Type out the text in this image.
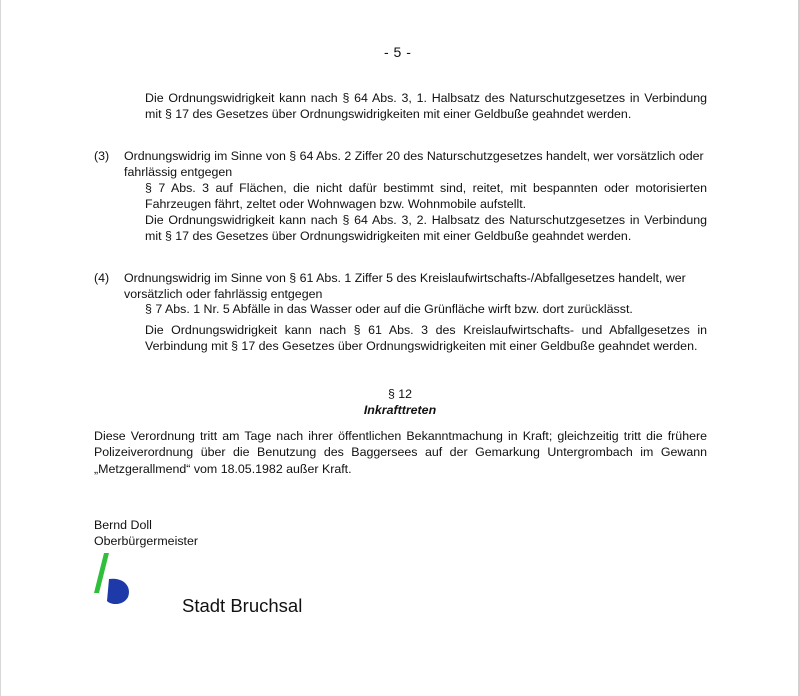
- 5 -

Die Ordnungswidrigkeit kann nach § 64 Abs. 3, 1. Halbsatz des Naturschutzgesetzes in Verbindung mit § 17 des Gesetzes über Ordnungswidrigkeiten mit einer Geldbuße geahndet werden.

(3) Ordnungswidrig im Sinne von § 64 Abs. 2 Ziffer 20 des Naturschutzgesetzes handelt, wer vorsätzlich oder fahrlässig entgegen

§ 7 Abs. 3 auf Flächen, die nicht dafür bestimmt sind, reitet, mit bespannten oder motorisierten Fahrzeugen fährt, zeltet oder Wohnwagen bzw. Wohnmobile aufstellt.

Die Ordnungswidrigkeit kann nach § 64 Abs. 3, 2. Halbsatz des Naturschutzgesetzes in Verbindung mit § 17 des Gesetzes über Ordnungswidrigkeiten mit einer Geldbuße geahndet werden.

(4) Ordnungswidrig im Sinne von § 61 Abs. 1 Ziffer 5 des Kreislaufwirtschafts-/Abfallgesetzes handelt, wer vorsätzlich oder fahrlässig entgegen

§ 7 Abs. 1 Nr. 5 Abfälle in das Wasser oder auf die Grünfläche wirft bzw. dort zurücklässt.

Die Ordnungswidrigkeit kann nach § 61 Abs. 3 des Kreislaufwirtschafts- und Abfallgesetzes in Verbindung mit § 17 des Gesetzes über Ordnungswidrigkeiten mit einer Geldbuße geahndet werden.

§ 12
Inkrafttreten

Diese Verordnung tritt am Tage nach ihrer öffentlichen Bekanntmachung in Kraft; gleichzeitig tritt die frühere Polizeiverordnung über die Benutzung des Baggersees auf der Gemarkung Untergrombach im Gewann „Metzgerallmend“ vom 18.05.1982 außer Kraft.

Bernd Doll
Oberbürgermeister
Stadt Bruchsal
